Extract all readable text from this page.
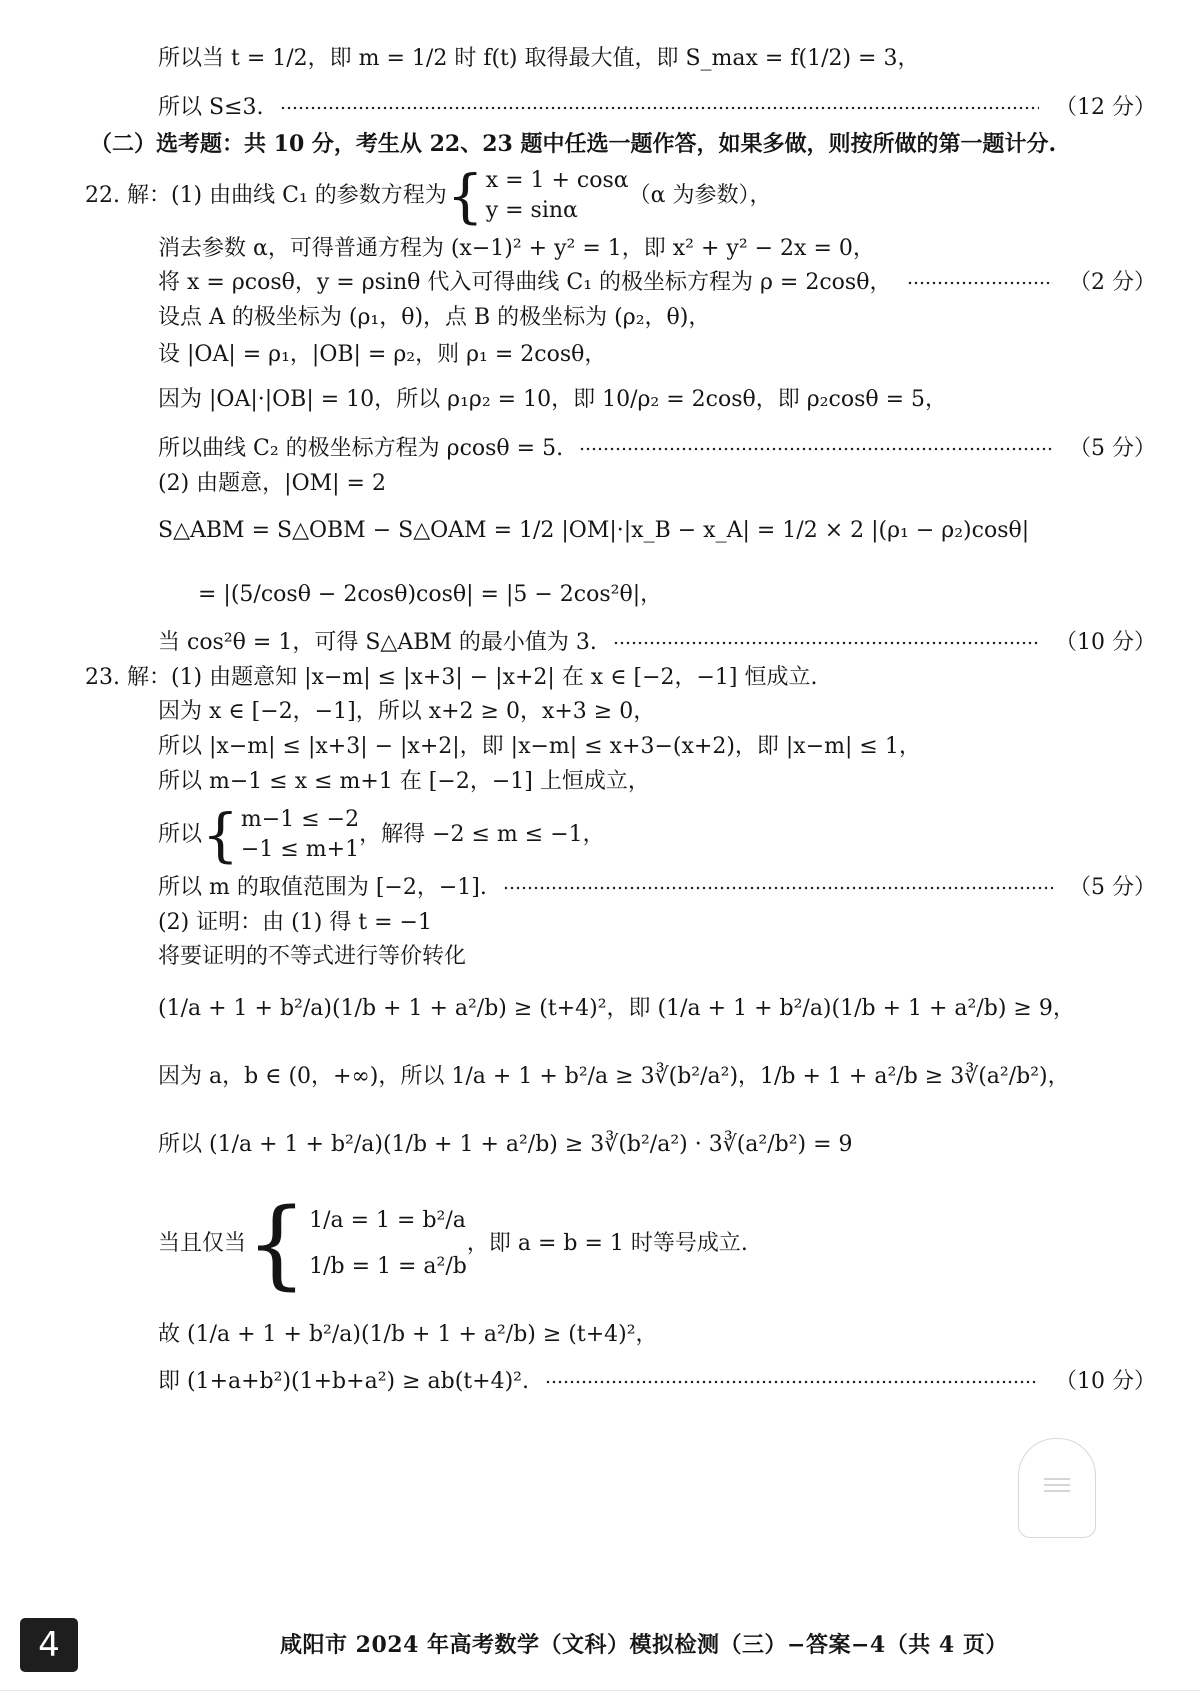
所以当 t = 1/2，即 m = 1/2 时 f(t) 取得最大值，即 S_max = f(1/2) = 3，
所以 S≤3.	（12 分）
（二）选考题：共 10 分，考生从 22、23 题中任选一题作答，如果多做，则按所做的第一题计分.
22. 解：(1) 由曲线 C₁ 的参数方程为 { x = 1 + cosα
y = sinα
（α 为参数），
消去参数 α，可得普通方程为 (x−1)² + y² = 1，即 x² + y² − 2x = 0，
将 x = ρcosθ，y = ρsinθ 代入可得曲线 C₁ 的极坐标方程为 ρ = 2cosθ，	（2 分）
设点 A 的极坐标为 (ρ₁，θ)，点 B 的极坐标为 (ρ₂，θ)，
设 |OA| = ρ₁，|OB| = ρ₂，则 ρ₁ = 2cosθ，
因为 |OA|·|OB| = 10，所以 ρ₁ρ₂ = 10，即 10/ρ₂ = 2cosθ，即 ρ₂cosθ = 5，
所以曲线 C₂ 的极坐标方程为 ρcosθ = 5.	（5 分）
(2) 由题意，|OM| = 2
S△ABM = S△OBM − S△OAM = 1/2 |OM|·|x_B − x_A| = 1/2 × 2 |(ρ₁ − ρ₂)cosθ|
= |(5/cosθ − 2cosθ)cosθ| = |5 − 2cos²θ|，
当 cos²θ = 1，可得 S△ABM 的最小值为 3.	（10 分）
23. 解：(1) 由题意知 |x−m| ≤ |x+3| − |x+2| 在 x ∈ [−2，−1] 恒成立.
因为 x ∈ [−2，−1]，所以 x+2 ≥ 0，x+3 ≥ 0，
所以 |x−m| ≤ |x+3| − |x+2|，即 |x−m| ≤ x+3−(x+2)，即 |x−m| ≤ 1，
所以 m−1 ≤ x ≤ m+1 在 [−2，−1] 上恒成立，
所以 { m−1 ≤ −2
−1 ≤ m+1
，解得 −2 ≤ m ≤ −1，
所以 m 的取值范围为 [−2，−1].	（5 分）
(2) 证明：由 (1) 得 t = −1
将要证明的不等式进行等价转化
(1/a + 1 + b²/a)(1/b + 1 + a²/b) ≥ (t+4)²，即 (1/a + 1 + b²/a)(1/b + 1 + a²/b) ≥ 9，
因为 a，b ∈ (0，+∞)，所以 1/a + 1 + b²/a ≥ 3∛(b²/a²)，1/b + 1 + a²/b ≥ 3∛(a²/b²)，
所以 (1/a + 1 + b²/a)(1/b + 1 + a²/b) ≥ 3∛(b²/a²) · 3∛(a²/b²) = 9
当且仅当 { 1/a = 1 = b²/a
1/b = 1 = a²/b
，即 a = b = 1 时等号成立.
故 (1/a + 1 + b²/a)(1/b + 1 + a²/b) ≥ (t+4)²，
即 (1+a+b²)(1+b+a²) ≥ ab(t+4)².	（10 分）
4	咸阳市 2024 年高考数学（文科）模拟检测（三）−答案−4（共 4 页）
